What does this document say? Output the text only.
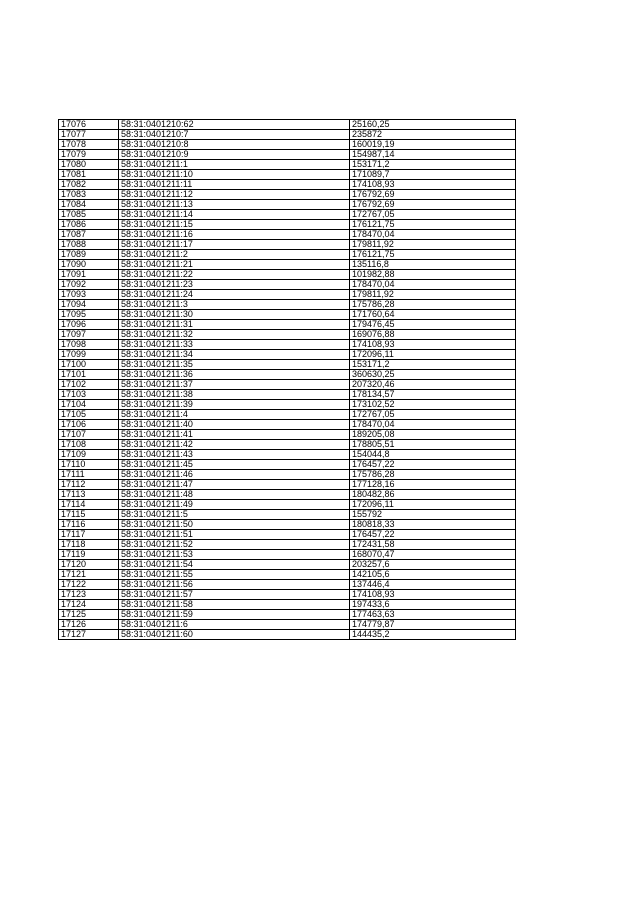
17076	58:31:0401210:62	25160,25
17077	58:31:0401210:7	235872
17078	58:31:0401210:8	160019,19
17079	58:31:0401210:9	154987,14
17080	58:31:0401211:1	153171,2
17081	58:31:0401211:10	171089,7
17082	58:31:0401211:11	174108,93
17083	58:31:0401211:12	176792,69
17084	58:31:0401211:13	176792,69
17085	58:31:0401211:14	172767,05
17086	58:31:0401211:15	176121,75
17087	58:31:0401211:16	178470,04
17088	58:31:0401211:17	179811,92
17089	58:31:0401211:2	176121,75
17090	58:31:0401211:21	135116,8
17091	58:31:0401211:22	101982,88
17092	58:31:0401211:23	178470,04
17093	58:31:0401211:24	179811,92
17094	58:31:0401211:3	175786,28
17095	58:31:0401211:30	171760,64
17096	58:31:0401211:31	179476,45
17097	58:31:0401211:32	169076,88
17098	58:31:0401211:33	174108,93
17099	58:31:0401211:34	172096,11
17100	58:31:0401211:35	153171,2
17101	58:31:0401211:36	360630,25
17102	58:31:0401211:37	207320,46
17103	58:31:0401211:38	178134,57
17104	58:31:0401211:39	173102,52
17105	58:31:0401211:4	172767,05
17106	58:31:0401211:40	178470,04
17107	58:31:0401211:41	189205,08
17108	58:31:0401211:42	178805,51
17109	58:31:0401211:43	154044,8
17110	58:31:0401211:45	176457,22
17111	58:31:0401211:46	175786,28
17112	58:31:0401211:47	177128,16
17113	58:31:0401211:48	180482,86
17114	58:31:0401211:49	172096,11
17115	58:31:0401211:5	155792
17116	58:31:0401211:50	180818,33
17117	58:31:0401211:51	176457,22
17118	58:31:0401211:52	172431,58
17119	58:31:0401211:53	168070,47
17120	58:31:0401211:54	203257,6
17121	58:31:0401211:55	142105,6
17122	58:31:0401211:56	137446,4
17123	58:31:0401211:57	174108,93
17124	58:31:0401211:58	197433,6
17125	58:31:0401211:59	177463,63
17126	58:31:0401211:6	174779,87
17127	58:31:0401211:60	144435,2
